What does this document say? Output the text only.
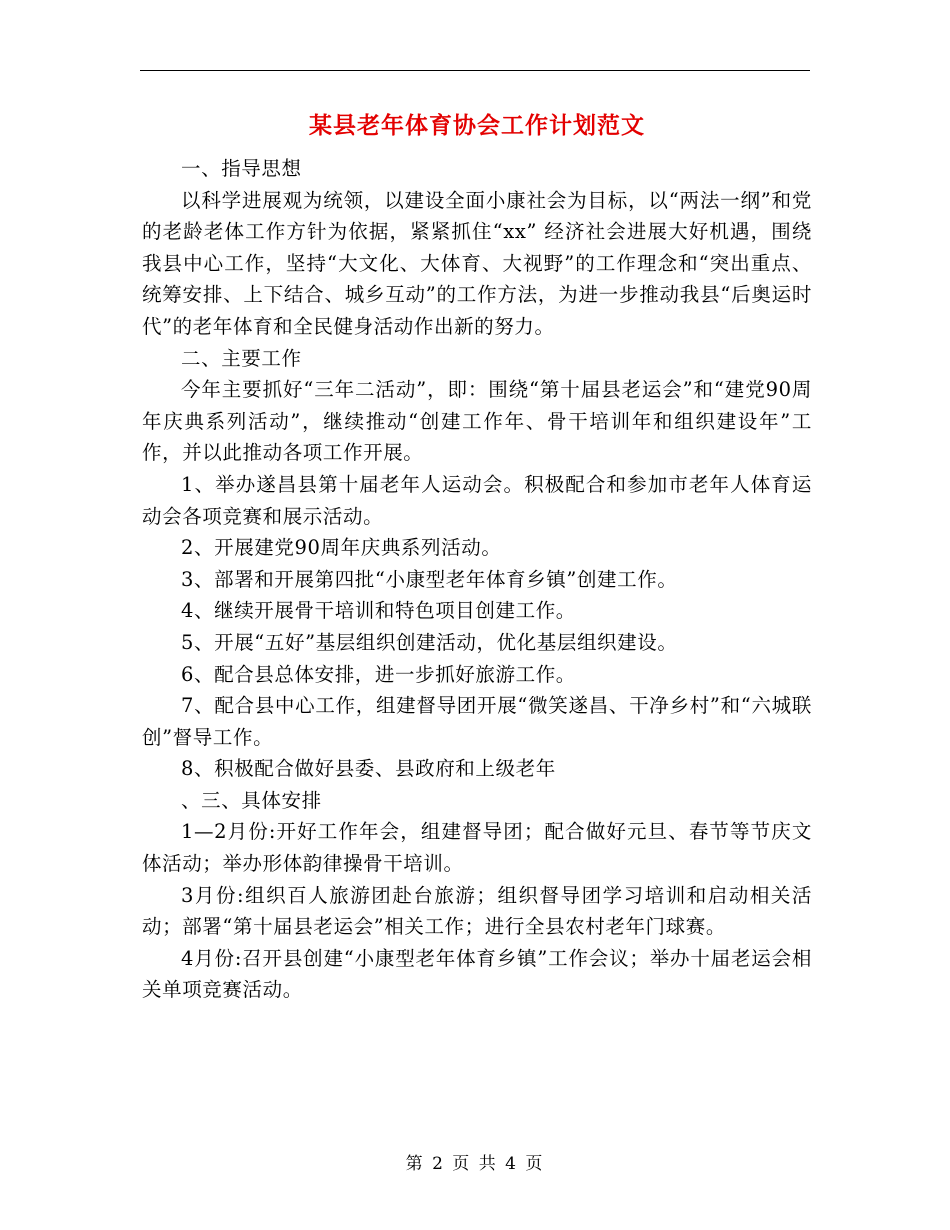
某县老年体育协会工作计划范文

一、指导思想

以科学进展观为统领，以建设全面小康社会为目标，以“两法一纲”和党的老龄老体工作方针为依据，紧紧抓住“xx” 经济社会进展大好机遇，围绕我县中心工作，坚持“大文化、大体育、大视野”的工作理念和“突出重点、统筹安排、上下结合、城乡互动”的工作方法，为进一步推动我县“后奥运时代”的老年体育和全民健身活动作出新的努力。

二、主要工作

今年主要抓好“三年二活动”，即：围绕“第十届县老运会”和“建党90周年庆典系列活动”，继续推动“创建工作年、骨干培训年和组织建设年”工作，并以此推动各项工作开展。

1、举办遂昌县第十届老年人运动会。积极配合和参加市老年人体育运动会各项竞赛和展示活动。

2、开展建党90周年庆典系列活动。

3、部署和开展第四批“小康型老年体育乡镇”创建工作。

4、继续开展骨干培训和特色项目创建工作。

5、开展“五好”基层组织创建活动，优化基层组织建设。

6、配合县总体安排，进一步抓好旅游工作。

7、配合县中心工作，组建督导团开展“微笑遂昌、干净乡村”和“六城联创”督导工作。

8、积极配合做好县委、县政府和上级老年

、三、具体安排

1—2月份:开好工作年会，组建督导团；配合做好元旦、春节等节庆文体活动；举办形体韵律操骨干培训。

3月份:组织百人旅游团赴台旅游；组织督导团学习培训和启动相关活动；部署“第十届县老运会”相关工作；进行全县农村老年门球赛。

4月份:召开县创建“小康型老年体育乡镇”工作会议；举办十届老运会相关单项竞赛活动。

第 2 页 共 4 页
